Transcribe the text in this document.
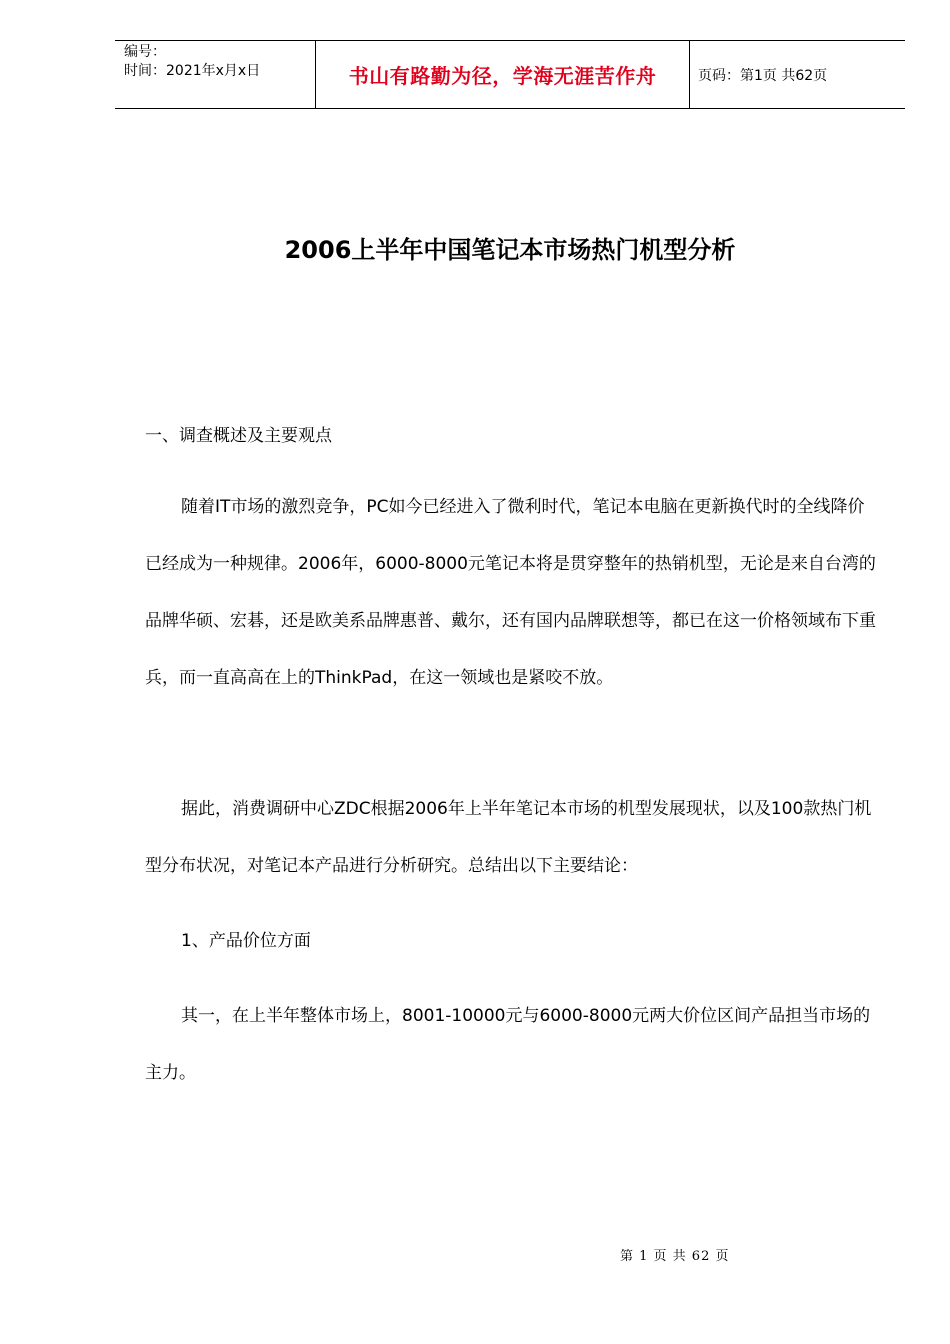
编号：
时间：2021年x月x日	书山有路勤为径，学海无涯苦作舟	页码：第1页 共62页
2006上半年中国笔记本市场热门机型分析

一、调查概述及主要观点

随着IT市场的激烈竞争，PC如今已经进入了微利时代，笔记本电脑在更新换代时的全线降价已经成为一种规律。2006年，6000-8000元笔记本将是贯穿整年的热销机型，无论是来自台湾的品牌华硕、宏碁，还是欧美系品牌惠普、戴尔，还有国内品牌联想等，都已在这一价格领域布下重兵，而一直高高在上的ThinkPad，在这一领域也是紧咬不放。

据此，消费调研中心ZDC根据2006年上半年笔记本市场的机型发展现状，以及100款热门机型分布状况，对笔记本产品进行分析研究。总结出以下主要结论：

1、产品价位方面

其一，在上半年整体市场上，8001-10000元与6000-8000元两大价位区间产品担当市场的主力。

第 1 页 共 62 页
